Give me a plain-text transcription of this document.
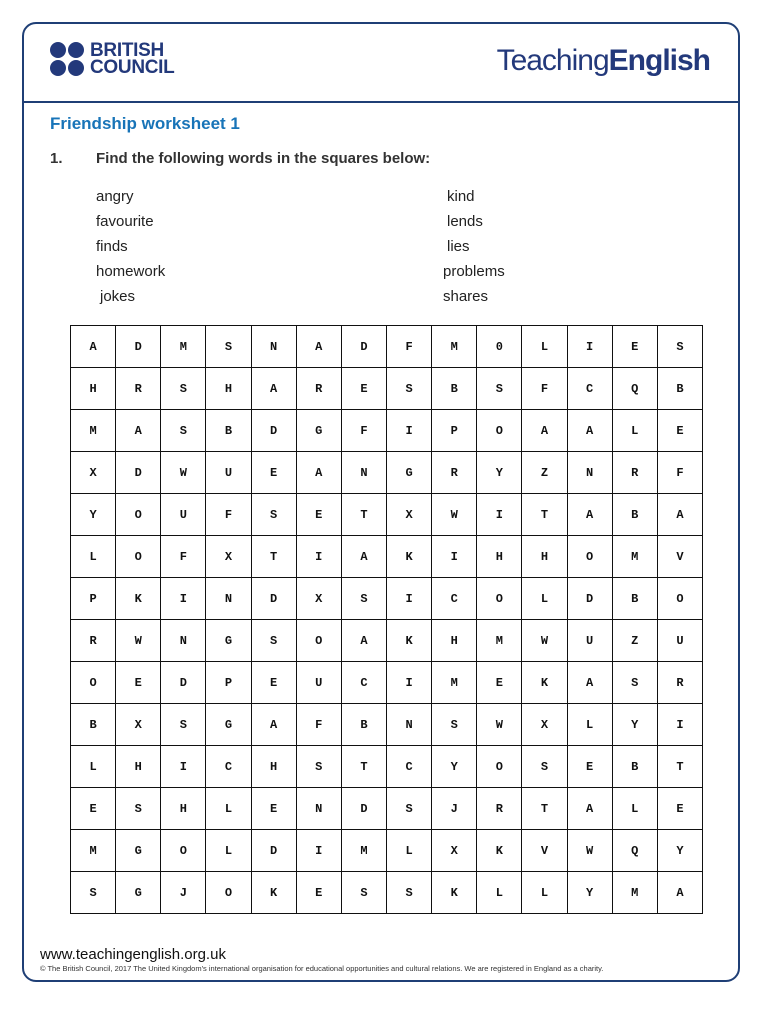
BRITISH
COUNCIL	TeachingEnglish
Friendship worksheet 1
1. Find the following words in the squares below:
angry
favourite
finds
homework
jokes
kind
lends
lies
problems
shares
A	D	M	S	N	A	D	F	M	0	L	I	E	S
H	R	S	H	A	R	E	S	B	S	F	C	Q	B
M	A	S	B	D	G	F	I	P	O	A	A	L	E
X	D	W	U	E	A	N	G	R	Y	Z	N	R	F
Y	O	U	F	S	E	T	X	W	I	T	A	B	A
L	O	F	X	T	I	A	K	I	H	H	O	M	V
P	K	I	N	D	X	S	I	C	O	L	D	B	O
R	W	N	G	S	O	A	K	H	M	W	U	Z	U
O	E	D	P	E	U	C	I	M	E	K	A	S	R
B	X	S	G	A	F	B	N	S	W	X	L	Y	I
L	H	I	C	H	S	T	C	Y	O	S	E	B	T
E	S	H	L	E	N	D	S	J	R	T	A	L	E
M	G	O	L	D	I	M	L	X	K	V	W	Q	Y
S	G	J	O	K	E	S	S	K	L	L	Y	M	A
www.teachingenglish.org.uk
© The British Council, 2017 The United Kingdom's international organisation for educational opportunities and cultural relations. We are registered in England as a charity.
